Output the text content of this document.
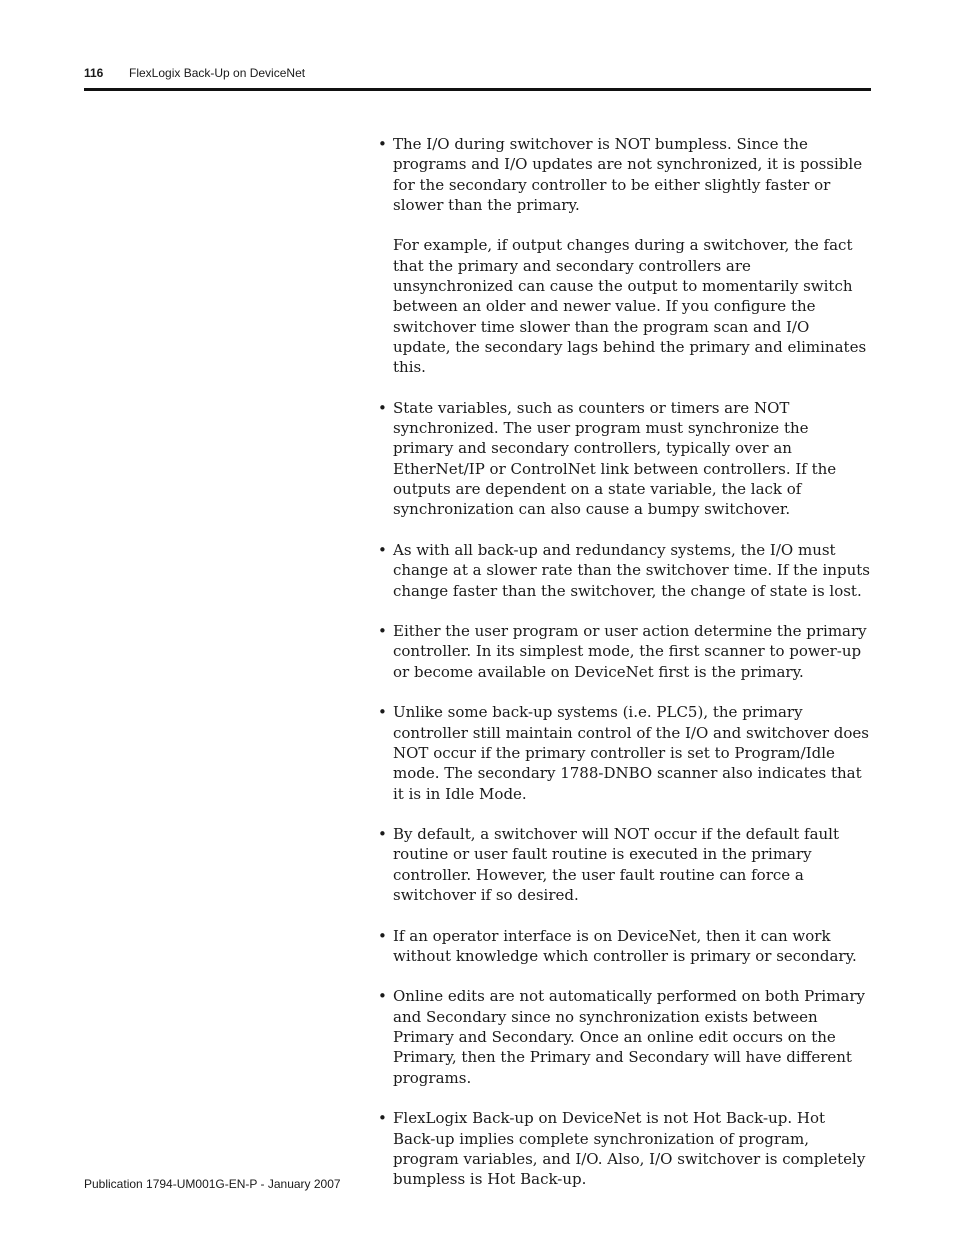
116 FlexLogix Back-Up on DeviceNet
• The I/O during switchover is NOT bumpless. Since the programs and I/O updates are not synchronized, it is possible for the secondary controller to be either slightly faster or slower than the primary.

For example, if output changes during a switchover, the fact that the primary and secondary controllers are unsynchronized can cause the output to momentarily switch between an older and newer value. If you configure the switchover time slower than the program scan and I/O update, the secondary lags behind the primary and eliminates this.

• State variables, such as counters or timers are NOT synchronized. The user program must synchronize the primary and secondary controllers, typically over an EtherNet/IP or ControlNet link between controllers. If the outputs are dependent on a state variable, the lack of synchronization can also cause a bumpy switchover.

• As with all back-up and redundancy systems, the I/O must change at a slower rate than the switchover time. If the inputs change faster than the switchover, the change of state is lost.

• Either the user program or user action determine the primary controller. In its simplest mode, the first scanner to power-up or become available on DeviceNet first is the primary.

• Unlike some back-up systems (i.e. PLC5), the primary controller still maintain control of the I/O and switchover does NOT occur if the primary controller is set to Program/Idle mode. The secondary 1788-DNBO scanner also indicates that it is in Idle Mode.

• By default, a switchover will NOT occur if the default fault routine or user fault routine is executed in the primary controller. However, the user fault routine can force a switchover if so desired.

• If an operator interface is on DeviceNet, then it can work without knowledge which controller is primary or secondary.

• Online edits are not automatically performed on both Primary and Secondary since no synchronization exists between Primary and Secondary. Once an online edit occurs on the Primary, then the Primary and Secondary will have different programs.

• FlexLogix Back-up on DeviceNet is not Hot Back-up. Hot Back-up implies complete synchronization of program, program variables, and I/O. Also, I/O switchover is completely bumpless is Hot Back-up.

Publication 1794-UM001G-EN-P - January 2007
